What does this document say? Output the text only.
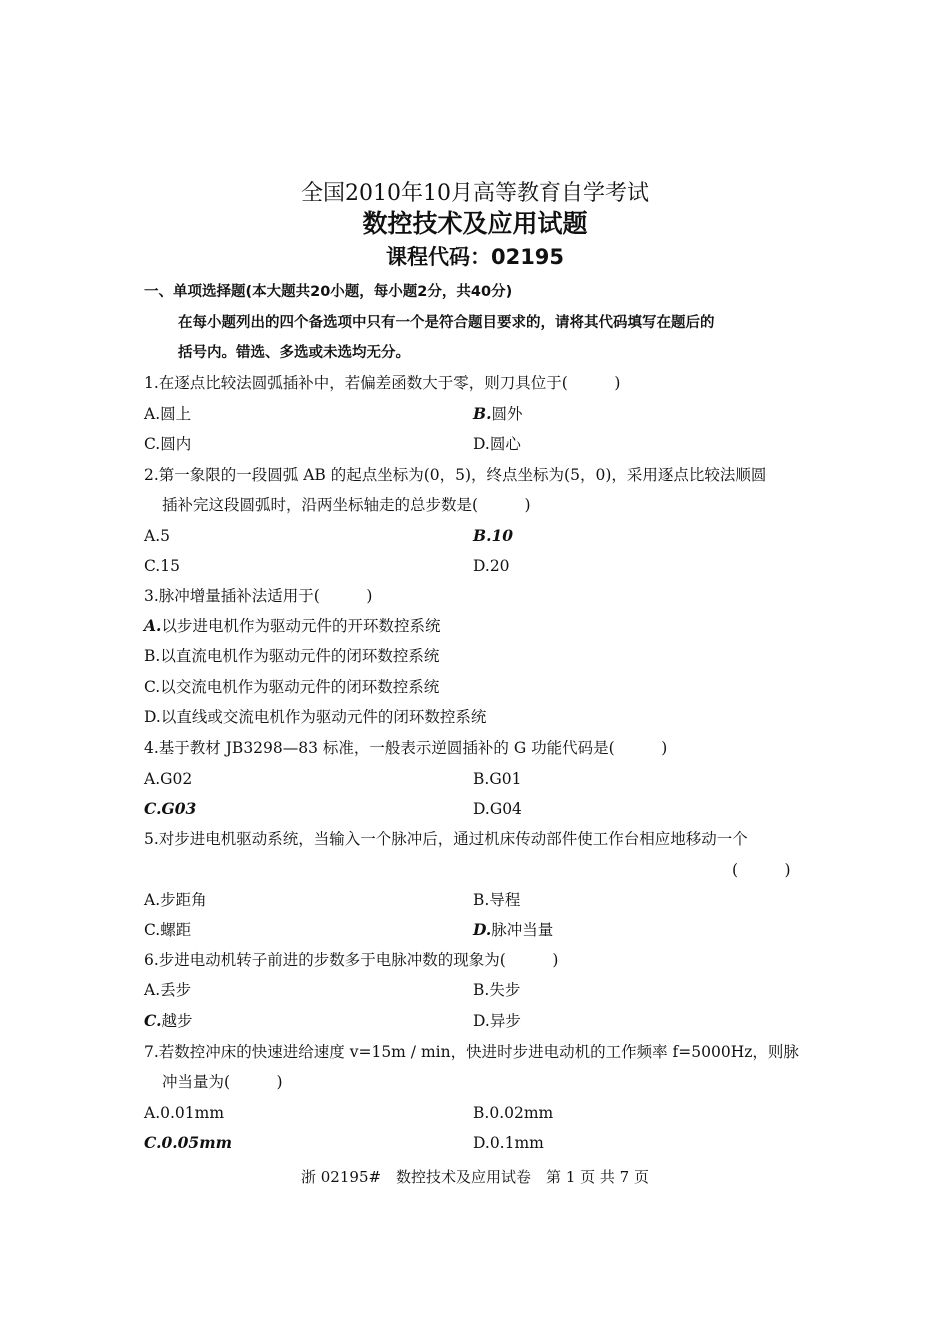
全国2010年10月高等教育自学考试
数控技术及应用试题
课程代码：02195
一、单项选择题(本大题共20小题，每小题2分，共40分)
在每小题列出的四个备选项中只有一个是符合题目要求的，请将其代码填写在题后的
括号内。错选、多选或未选均无分。
1.在逐点比较法圆弧插补中，若偏差函数大于零，则刀具位于(　　　)
A.圆上	B.圆外
C.圆内	D.圆心
2.第一象限的一段圆弧 AB 的起点坐标为(0，5)，终点坐标为(5，0)，采用逐点比较法顺圆
插补完这段圆弧时，沿两坐标轴走的总步数是(　　　)
A.5	B.10
C.15	D.20
3.脉冲增量插补法适用于(　　　)
A.以步进电机作为驱动元件的开环数控系统
B.以直流电机作为驱动元件的闭环数控系统
C.以交流电机作为驱动元件的闭环数控系统
D.以直线或交流电机作为驱动元件的闭环数控系统
4.基于教材 JB3298—83 标准，一般表示逆圆插补的 G 功能代码是(　　　)
A.G02	B.G01
C.G03	D.G04
5.对步进电机驱动系统，当输入一个脉冲后，通过机床传动部件使工作台相应地移动一个
(　　　)
A.步距角	B.导程
C.螺距	D.脉冲当量
6.步进电动机转子前进的步数多于电脉冲数的现象为(　　　)
A.丢步	B.失步
C.越步	D.异步
7.若数控冲床的快速进给速度 v=15m / min，快进时步进电动机的工作频率 f=5000Hz，则脉
冲当量为(　　　)
A.0.01mm	B.0.02mm
C.0.05mm	D.0.1mm
浙 02195#　数控技术及应用试卷　第 1 页 共 7 页
